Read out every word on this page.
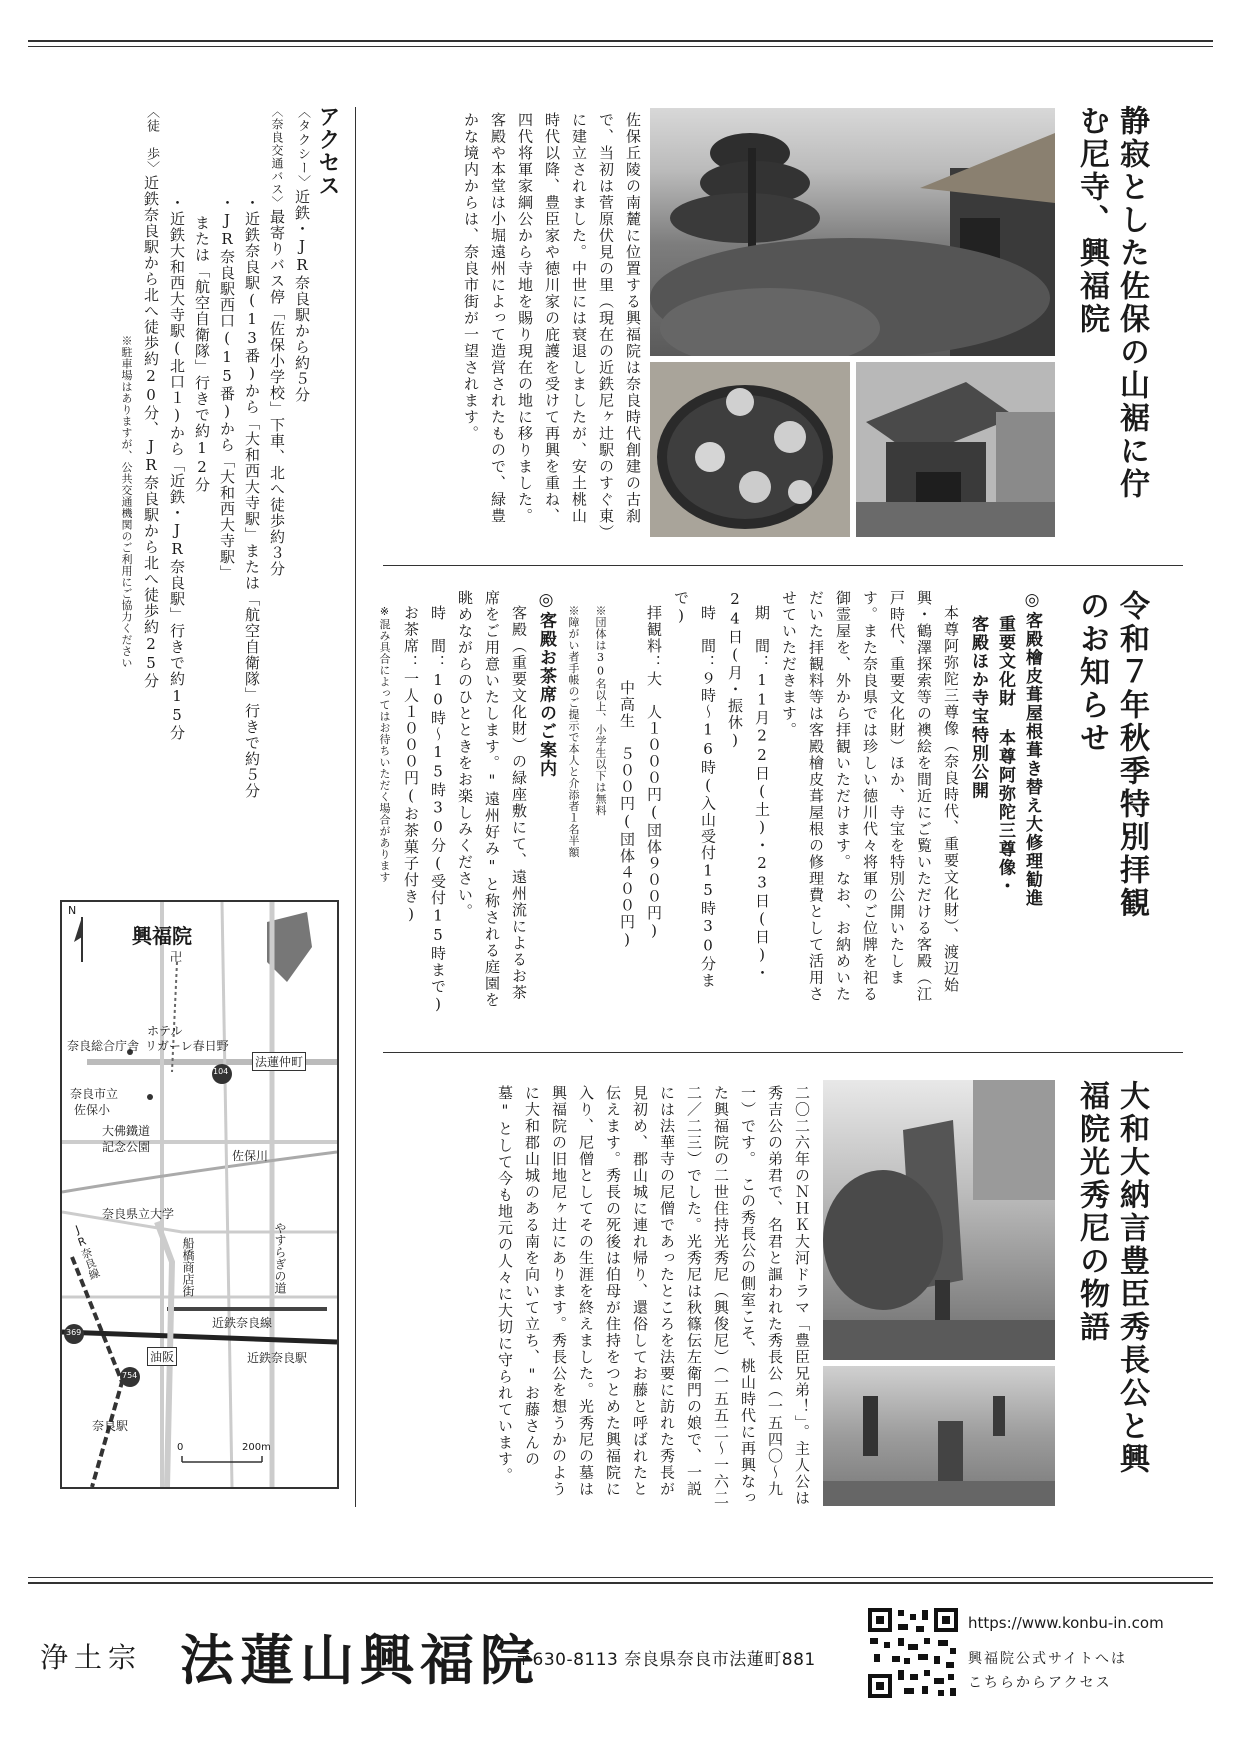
静寂とした佐保の山裾に佇む尼寺、興福院
佐保丘陵の南麓に位置する興福院は奈良時代創建の古刹で、当初は菅原伏見の里（現在の近鉄尼ヶ辻駅のすぐ東）に建立されました。中世には衰退しましたが、安土桃山時代以降、豊臣家や徳川家の庇護を受けて再興を重ね、四代将軍家綱公から寺地を賜り現在の地に移りました。客殿や本堂は小堀遠州によって造営されたもので、緑豊かな境内からは、奈良市街が一望されます。
令和７年秋季特別拝観のお知らせ
◎客殿檜皮葺屋根葺き替え大修理勧進
重要文化財 本尊阿弥陀三尊像・
客殿ほか寺宝特別公開
本尊阿弥陀三尊像（奈良時代、重要文化財）、渡辺始興・鶴澤探索等の襖絵を間近にご覧いただける客殿（江戸時代、重要文化財）ほか、寺宝を特別公開いたします。また奈良県では珍しい徳川代々将軍のご位牌を祀る御霊屋を、外から拝観いただけます。なお、お納めいただいた拝観料等は客殿檜皮葺屋根の修理費として活用させていただきます。
期　間：11月22日(土)・23日(日)・24日(月・振休)
時　間：９時〜16時(入山受付15時30分まで)
拝観料：大　人１０００円(団体９００円)
中高生　５００円(団体４００円)
※団体は30名以上、小学生以下は無料
※障がい者手帳のご提示で本人と介添者１名半額
◎客殿お茶席のご案内
客殿（重要文化財）の緑座敷にて、遠州流によるお茶席をご用意いたします。"遠州好み"と称される庭園を眺めながらのひとときをお楽しみください。
時　間：10時〜15時30分(受付15時まで)
お茶席：一人１０００円(お茶菓子付き)
※混み具合によってはお待ちいただく場合があります
大和大納言豊臣秀長公と興福院光秀尼の物語
二〇二六年のＮＨＫ大河ドラマ「豊臣兄弟！」。主人公は秀吉公の弟君で、名君と謳われた秀長公（一五四〇〜九一）です。　この秀長公の側室こそ、桃山時代に再興なった興福院の二世住持光秀尼（興俊尼）（一五五二〜一六二二／二三）でした。光秀尼は秋篠伝左衛門の娘で、一説には法華寺の尼僧であったところを法要に訪れた秀長が見初め、郡山城に連れ帰り、還俗してお藤と呼ばれたと伝えます。秀長の死後は伯母が住持をつとめた興福院に入り、尼僧としてその生涯を終えました。光秀尼の墓は興福院の旧地尼ヶ辻にあります。秀長公を想うかのように大和郡山城のある南を向いて立ち、"お藤さんの墓"として今も地元の人々に大切に守られています。
アクセス
〈タクシー〉近鉄・JR奈良駅から約５分
〈奈良交通バス〉最寄りバス停「佐保小学校」下車、北へ徒歩約３分
・近鉄奈良駅(13番)から「大和西大寺駅」または「航空自衛隊」行きで約５分
・JR奈良駅西口(15番)から「大和西大寺駅」
または「航空自衛隊」行きで約12分
・近鉄大和西大寺駅(北口１)から「近鉄・JR奈良駅」行きで約15分
〈徒　歩〉近鉄奈良駅から北へ徒歩約20分、JR奈良駅から北へ徒歩約25分
※駐車場はありますが、公共交通機関のご利用にご協力ください
N
興福院
卍
ホテル
リガーレ春日野
奈良総合庁舎
法蓮仲町
104
奈良市立
佐保小
大佛鐵道
記念公園
佐保川
奈良県立大学
やすらぎの道
JR奈良線	船橋商店街
近鉄奈良線
油阪	近鉄奈良駅
369
754
奈良駅
0	200m
浄土宗 法蓮山興福院
〒630-8113 奈良県奈良市法蓮町881
https://www.konbu-in.com
興福院公式サイトへは
こちらからアクセス
